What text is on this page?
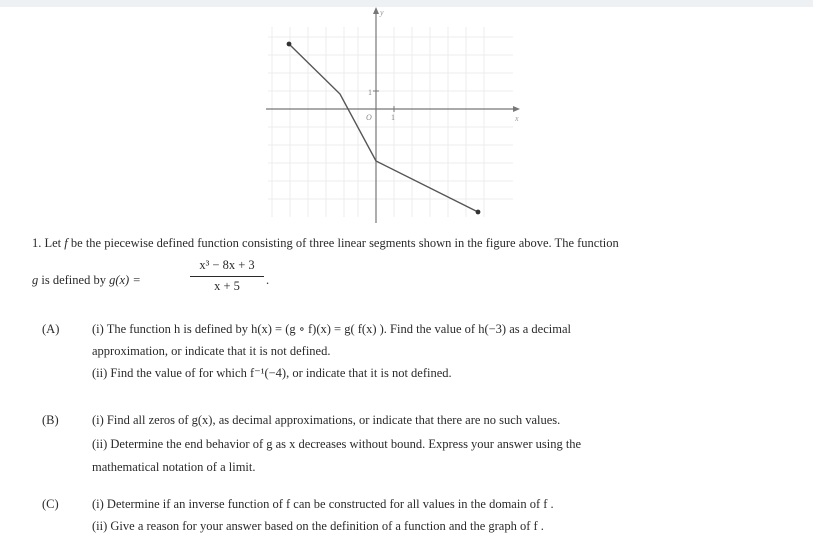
x
y
O 1
1
1. Let f be the piecewise defined function consisting of three linear segments shown in the figure above. The function
g is defined by g(x) =
x³ − 8x + 3
x + 5	.
(A)	(i) The function h is defined by h(x) = (g ∘ f)(x) = g( f(x) ). Find the value of h(−3) as a decimal
approximation, or indicate that it is not defined.
(ii) Find the value of for which f⁻¹(−4), or indicate that it is not defined.
(B)	(i) Find all zeros of g(x), as decimal approximations, or indicate that there are no such values.
(ii) Determine the end behavior of g as x decreases without bound. Express your answer using the
mathematical notation of a limit.
(C)	(i) Determine if an inverse function of f can be constructed for all values in the domain of f .
(ii) Give a reason for your answer based on the definition of a function and the graph of f .
